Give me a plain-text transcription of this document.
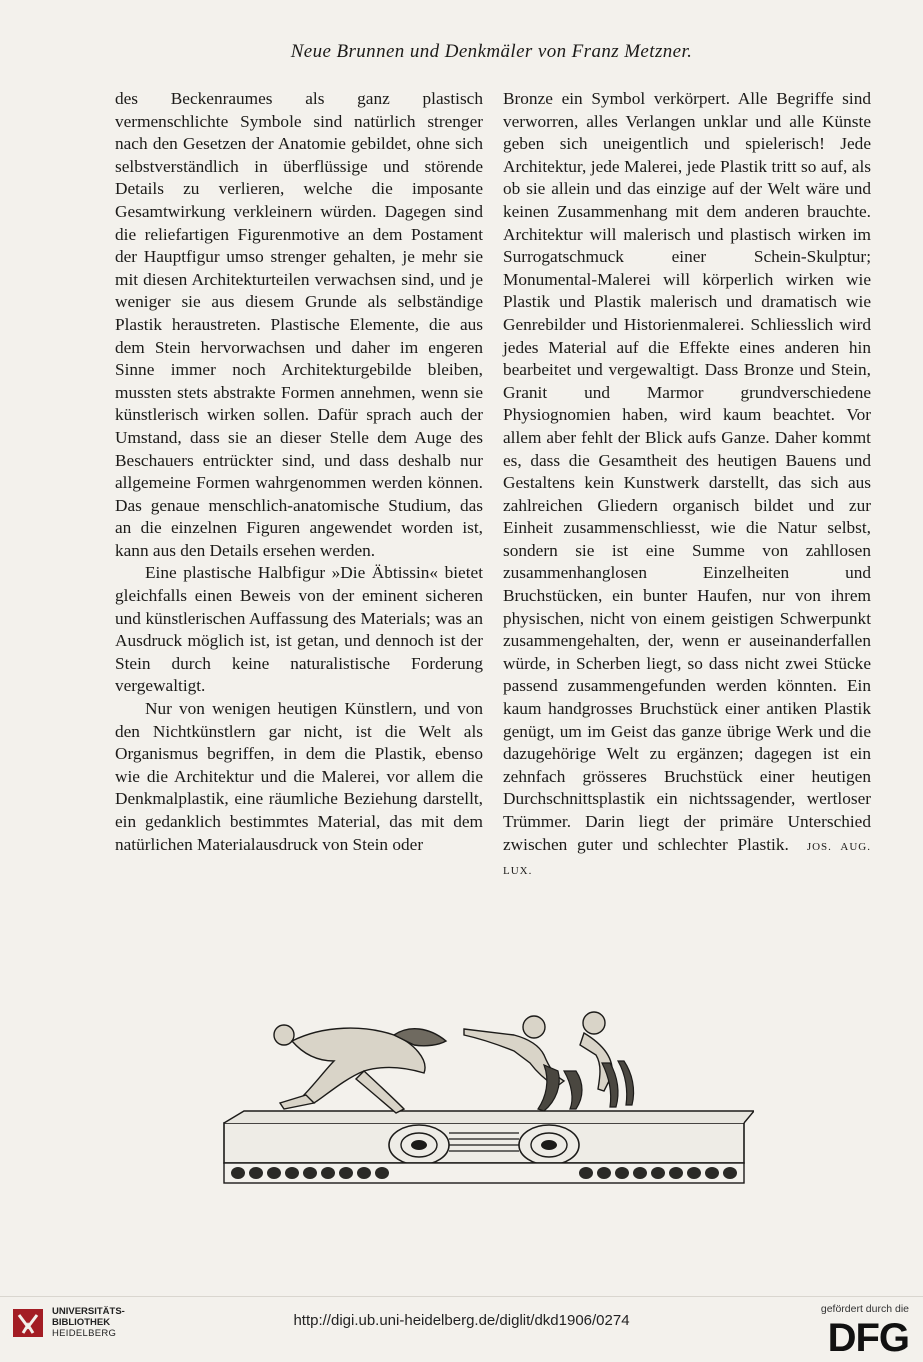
Neue Brunnen und Denkmäler von Franz Metzner.

des Beckenraumes als ganz plastisch vermenschlichte Symbole sind natürlich strenger nach den Gesetzen der Anatomie gebildet, ohne sich selbstverständlich in überflüssige und störende Details zu verlieren, welche die imposante Gesamtwirkung verkleinern würden. Dagegen sind die reliefartigen Figurenmotive an dem Postament der Hauptfigur umso strenger gehalten, je mehr sie mit diesen Architekturteilen verwachsen sind, und je weniger sie aus diesem Grunde als selbständige Plastik heraustreten. Plastische Elemente, die aus dem Stein hervorwachsen und daher im engeren Sinne immer noch Architekturgebilde bleiben, mussten stets abstrakte Formen annehmen, wenn sie künstlerisch wirken sollen. Dafür sprach auch der Umstand, dass sie an dieser Stelle dem Auge des Beschauers entrückter sind, und dass deshalb nur allgemeine Formen wahrgenommen werden können. Das genaue menschlich-anatomische Studium, das an die einzelnen Figuren angewendet worden ist, kann aus den Details ersehen werden.

Eine plastische Halbfigur »Die Äbtissin« bietet gleichfalls einen Beweis von der eminent sicheren und künstlerischen Auffassung des Materials; was an Ausdruck möglich ist, ist getan, und dennoch ist der Stein durch keine naturalistische Forderung vergewaltigt.

Nur von wenigen heutigen Künstlern, und von den Nichtkünstlern gar nicht, ist die Welt als Organismus begriffen, in dem die Plastik, ebenso wie die Architektur und die Malerei, vor allem die Denkmalplastik, eine räumliche Beziehung darstellt, ein gedanklich bestimmtes Material, das mit dem natürlichen Materialausdruck von Stein oder

Bronze ein Symbol verkörpert. Alle Begriffe sind verworren, alles Verlangen unklar und alle Künste geben sich uneigentlich und spielerisch! Jede Architektur, jede Malerei, jede Plastik tritt so auf, als ob sie allein und das einzige auf der Welt wäre und keinen Zusammenhang mit dem anderen brauchte. Architektur will malerisch und plastisch wirken im Surrogatschmuck einer Schein-Skulptur; Monumental-Malerei will körperlich wirken wie Plastik und Plastik malerisch und dramatisch wie Genrebilder und Historienmalerei. Schliesslich wird jedes Material auf die Effekte eines anderen hin bearbeitet und vergewaltigt. Dass Bronze und Stein, Granit und Marmor grundverschiedene Physiognomien haben, wird kaum beachtet. Vor allem aber fehlt der Blick aufs Ganze. Daher kommt es, dass die Gesamtheit des heutigen Bauens und Gestaltens kein Kunstwerk darstellt, das sich aus zahlreichen Gliedern organisch bildet und zur Einheit zusammenschliesst, wie die Natur selbst, sondern sie ist eine Summe von zahllosen zusammenhanglosen Einzelheiten und Bruchstücken, ein bunter Haufen, nur von ihrem physischen, nicht von einem geistigen Schwerpunkt zusammengehalten, der, wenn er auseinanderfallen würde, in Scherben liegt, so dass nicht zwei Stücke passend zusammengefunden werden könnten. Ein kaum handgrosses Bruchstück einer antiken Plastik genügt, um im Geist das ganze übrige Werk und die dazugehörige Welt zu ergänzen; dagegen ist ein zehnfach grösseres Bruchstück einer heutigen Durchschnittsplastik ein nichtssagender, wertloser Trümmer. Darin liegt der primäre Unterschied zwischen guter und schlechter Plastik. JOS. AUG. LUX.

UNIVERSITÄTS-
BIBLIOTHEK
HEIDELBERG
http://digi.ub.uni-heidelberg.de/diglit/dkd1906/0274
gefördert durch die
DFG
